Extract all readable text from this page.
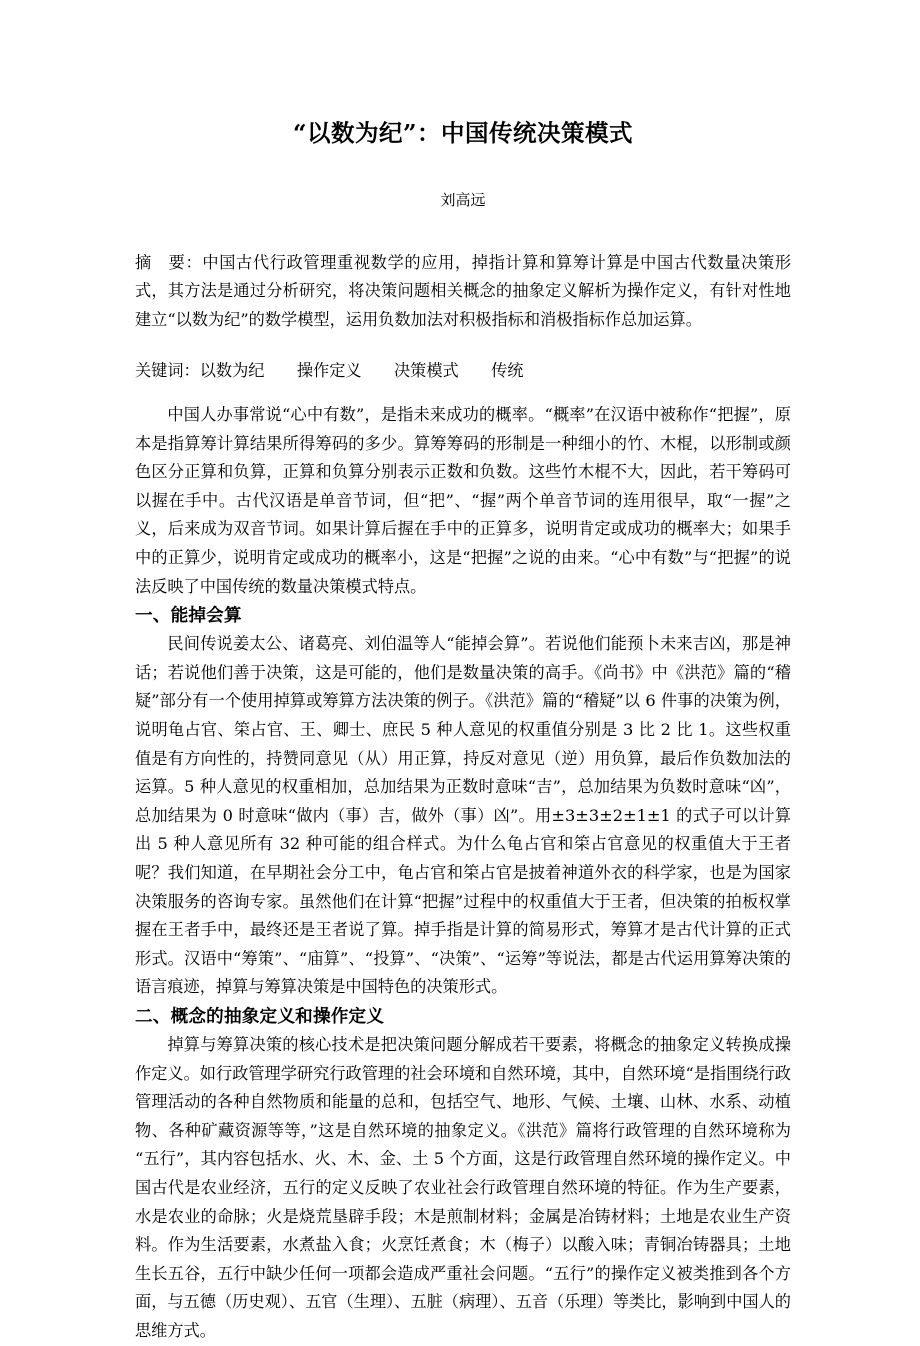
“以数为纪”：中国传统决策模式

刘高远

摘　要：中国古代行政管理重视数学的应用，掉指计算和算筹计算是中国古代数量决策形式，其方法是通过分析研究，将决策问题相关概念的抽象定义解析为操作定义，有针对性地建立“以数为纪”的数学模型，运用负数加法对积极指标和消极指标作总加运算。

关键词：以数为纪　　 操作定义　　 决策模式　　 传统

中国人办事常说“心中有数”，是指未来成功的概率。“概率”在汉语中被称作“把握”，原本是指算筹计算结果所得筹码的多少。算筹筹码的形制是一种细小的竹、木棍，以形制或颜色区分正算和负算，正算和负算分别表示正数和负数。这些竹木棍不大，因此，若干筹码可以握在手中。古代汉语是单音节词，但“把”、“握”两个单音节词的连用很早，取“一握”之义，后来成为双音节词。如果计算后握在手中的正算多，说明肯定或成功的概率大；如果手中的正算少，说明肯定或成功的概率小，这是“把握”之说的由来。“心中有数”与“把握”的说法反映了中国传统的数量决策模式特点。

一、能掉会算

民间传说姜太公、诸葛亮、刘伯温等人“能掉会算”。若说他们能预卜未来吉凶，那是神话；若说他们善于决策，这是可能的，他们是数量决策的高手。《尚书》中《洪范》篇的“稽疑”部分有一个使用掉算或筹算方法决策的例子。《洪范》篇的“稽疑”以 6 件事的决策为例，说明龟占官、筞占官、王、卿士、庶民 5 种人意见的权重值分别是 3 比 2 比 1。这些权重值是有方向性的，持赞同意见（从）用正算，持反对意见（逆）用负算，最后作负数加法的运算。5 种人意见的权重相加，总加结果为正数时意味“吉”，总加结果为负数时意味“凶”，总加结果为 0 时意味“做内（事）吉，做外（事）凶”。用±3±3±2±1±1 的式子可以计算出 5 种人意见所有 32 种可能的组合样式。为什么龟占官和筞占官意见的权重值大于王者呢？我们知道，在早期社会分工中，龟占官和筞占官是披着神道外衣的科学家，也是为国家决策服务的咨询专家。虽然他们在计算“把握”过程中的权重值大于王者，但决策的拍板权掌握在王者手中，最终还是王者说了算。掉手指是计算的简易形式，筹算才是古代计算的正式形式。汉语中“筹策”、“庙算”、“投算”、“决策”、“运筹”等说法，都是古代运用算筹决策的语言痕迹，掉算与筹算决策是中国特色的决策形式。

二、概念的抽象定义和操作定义

掉算与筹算决策的核心技术是把决策问题分解成若干要素，将概念的抽象定义转换成操作定义。如行政管理学研究行政管理的社会环境和自然环境，其中，自然环境“是指围绕行政管理活动的各种自然物质和能量的总和，包括空气、地形、气候、土壤、山林、水系、动植物、各种矿藏资源等等，”这是自然环境的抽象定义。《洪范》篇将行政管理的自然环境称为“五行”，其内容包括水、火、木、金、土 5 个方面，这是行政管理自然环境的操作定义。中国古代是农业经济，五行的定义反映了农业社会行政管理自然环境的特征。作为生产要素，水是农业的命脉；火是烧荒垦辟手段；木是煎制材料；金属是冶铸材料；土地是农业生产资料。作为生活要素，水煮盐入食；火烹饪煮食；木（梅子）以酸入味；青铜冶铸器具；土地生长五谷，五行中缺少任何一项都会造成严重社会问题。“五行”的操作定义被类推到各个方面，与五德（历史观）、五官（生理）、五脏（病理）、五音（乐理）等类比，影响到中国人的思维方式。
